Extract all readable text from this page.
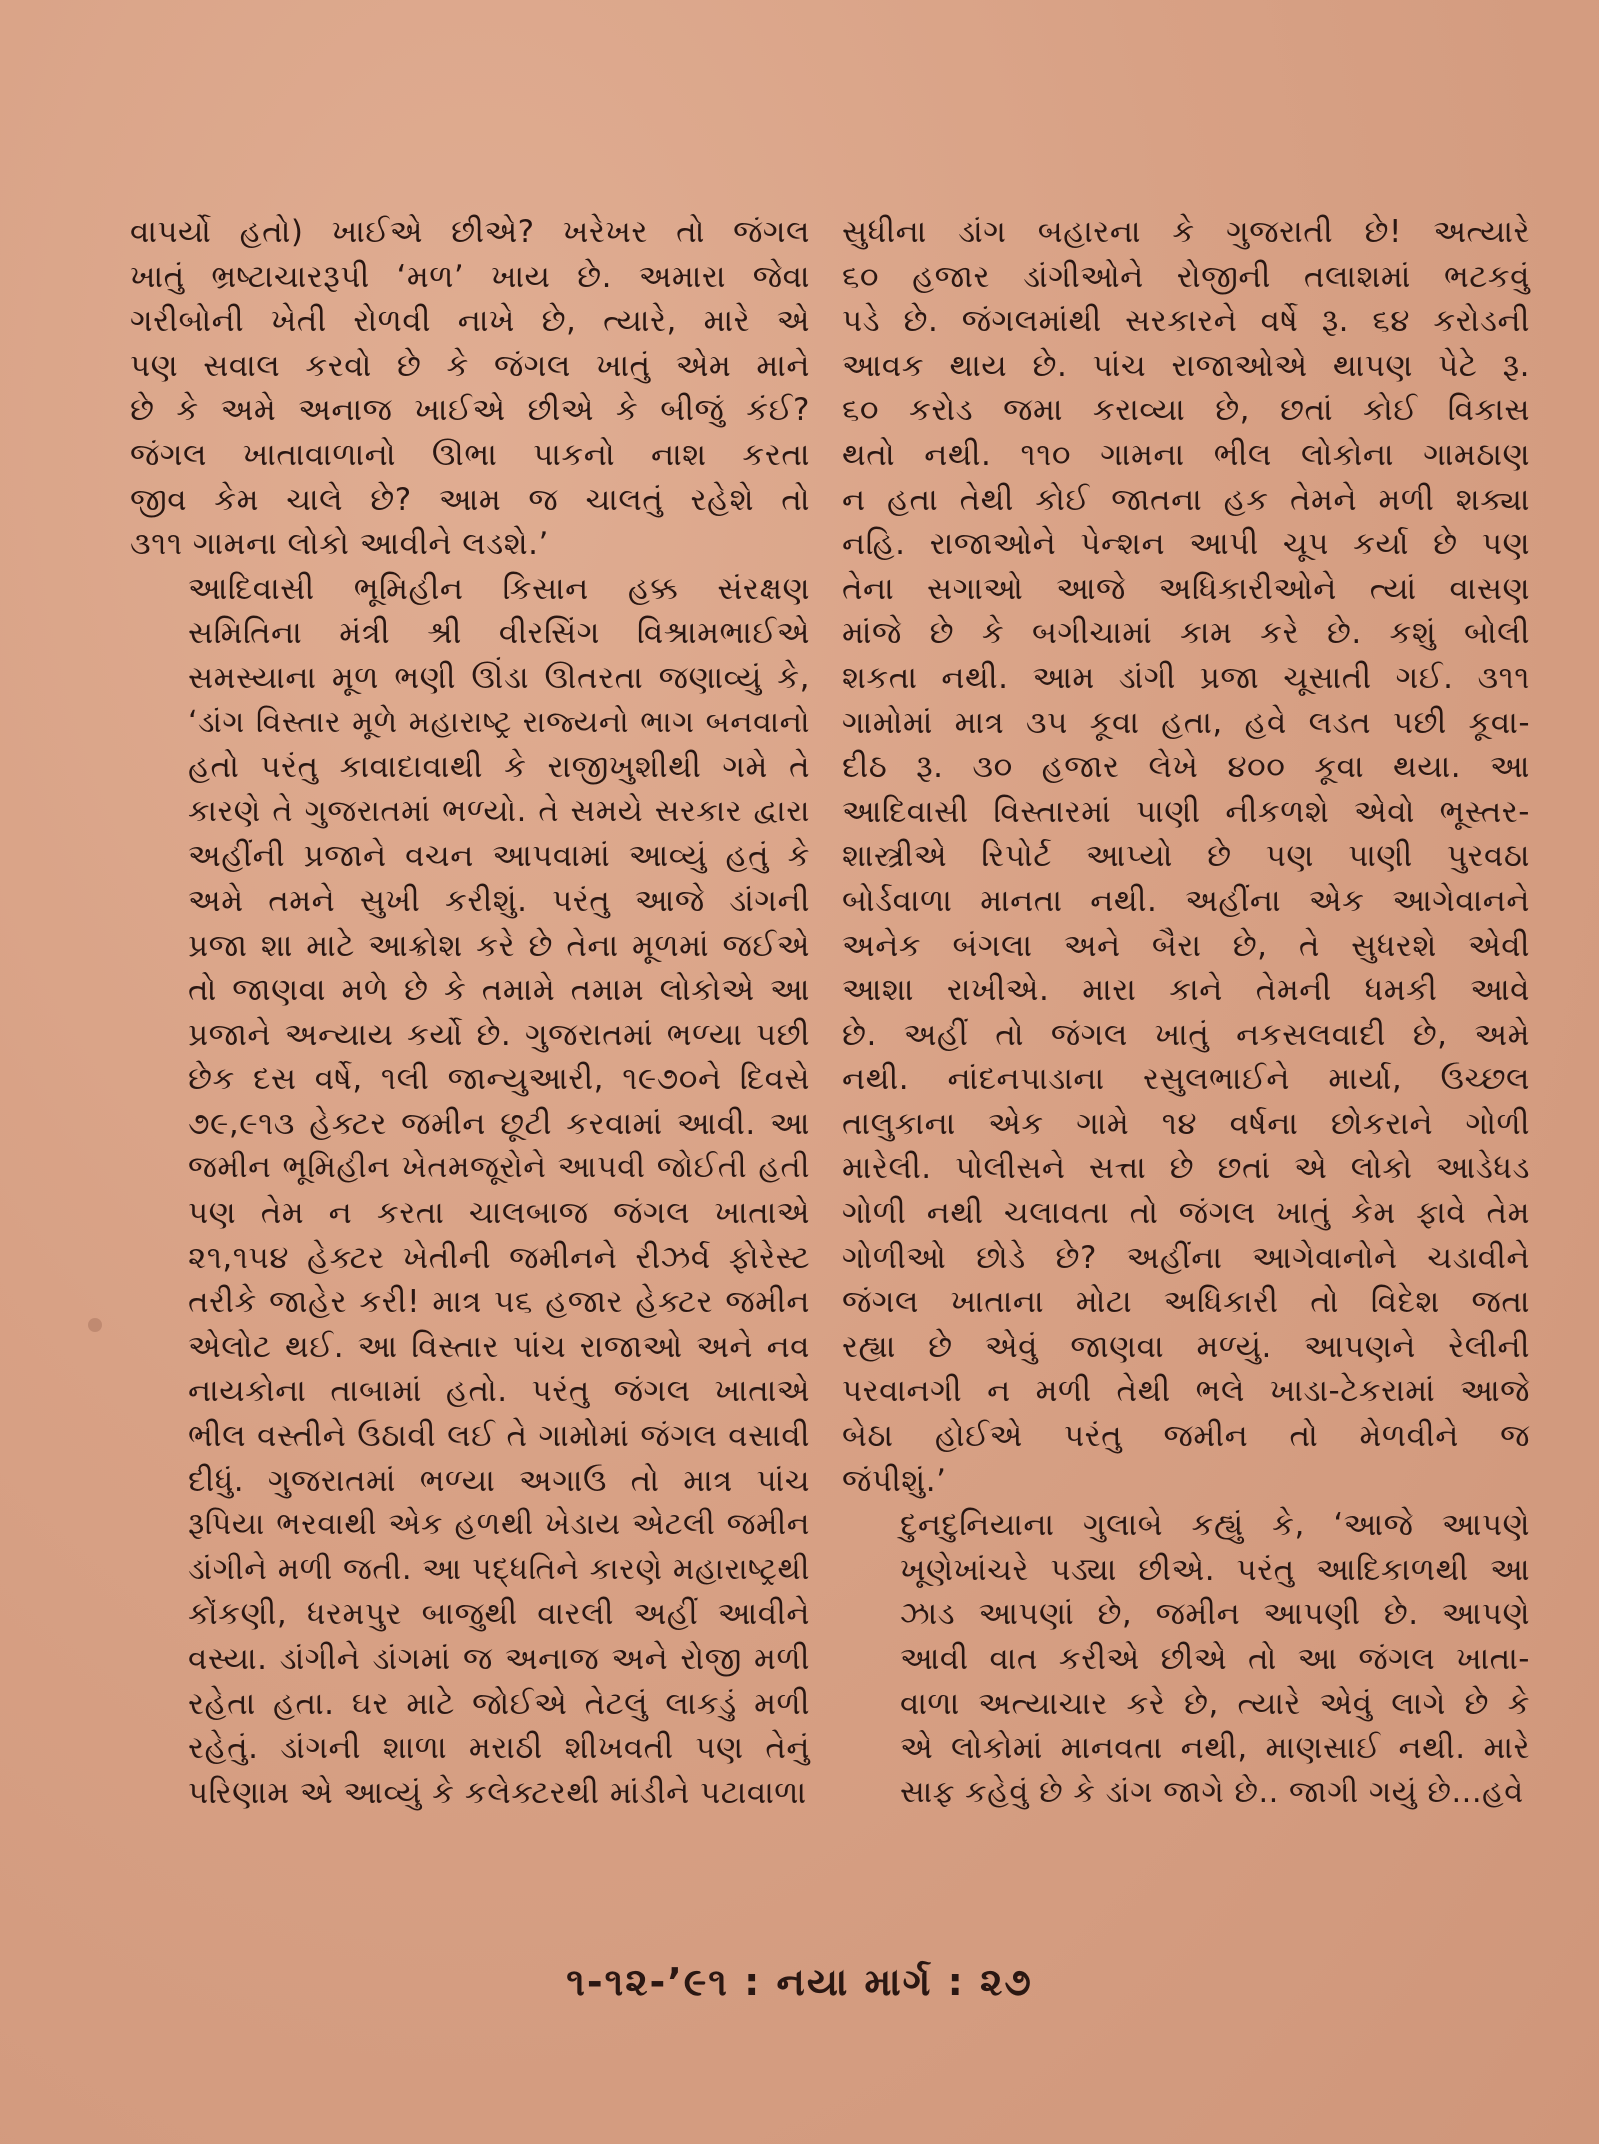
વાપર્યો હતો) ખાઈએ છીએ? ખરેખર તો જંગલ
ખાતું ભ્રષ્ટાચારરૂપી ‘મળ’ ખાય છે. અમારા જેવા
ગરીબોની ખેતી રોળવી નાખે છે, ત્યારે, મારે એ
પણ સવાલ કરવો છે કે જંગલ ખાતું એમ માને
છે કે અમે અનાજ ખાઈએ છીએ કે બીજું કંઈ?
જંગલ ખાતાવાળાનો ઊભા પાકનો નાશ કરતા
જીવ કેમ ચાલે છે? આમ જ ચાલતું રહેશે તો
૩૧૧ ગામના લોકો આવીને લડશે.’

આદિવાસી ભૂમિહીન કિસાન હક્ક સંરક્ષણ
સમિતિના મંત્રી શ્રી વીરસિંગ વિશ્રામભાઈએ
સમસ્યાના મૂળ ભણી ઊંડા ઊતરતા જણાવ્યું કે,
‘ડાંગ વિસ્તાર મૂળે મહારાષ્ટ્ર રાજ્યનો ભાગ બનવાનો
હતો પરંતુ કાવાદાવાથી કે રાજીખુશીથી ગમે તે
કારણે તે ગુજરાતમાં ભળ્યો. તે સમયે સરકાર દ્વારા
અહીંની પ્રજાને વચન આપવામાં આવ્યું હતું કે
અમે તમને સુખી કરીશું. પરંતુ આજે ડાંગની
પ્રજા શા માટે આક્રોશ કરે છે તેના મૂળમાં જઈએ
તો જાણવા મળે છે કે તમામે તમામ લોકોએ આ
પ્રજાને અન્યાય કર્યો છે. ગુજરાતમાં ભળ્યા પછી
છેક દસ વર્ષે, ૧લી જાન્યુઆરી, ૧૯૭૦ને દિવસે
૭૯,૯૧૩ હેક્ટર જમીન છૂટી કરવામાં આવી. આ
જમીન ભૂમિહીન ખેતમજૂરોને આપવી જોઈતી હતી
પણ તેમ ન કરતા ચાલબાજ જંગલ ખાતાએ
૨૧,૧૫૪ હેક્ટર ખેતીની જમીનને રીઝર્વ ફોરેસ્ટ
તરીકે જાહેર કરી! માત્ર ૫૬ હજાર હેક્ટર જમીન
એલોટ થઈ. આ વિસ્તાર પાંચ રાજાઓ અને નવ
નાયકોના તાબામાં હતો. પરંતુ જંગલ ખાતાએ
ભીલ વસ્તીને ઉઠાવી લઈ તે ગામોમાં જંગલ વસાવી
દીધું. ગુજરાતમાં ભળ્યા અગાઉ તો માત્ર પાંચ
રૂપિયા ભરવાથી એક હળથી ખેડાય એટલી જમીન
ડાંગીને મળી જતી. આ પદ્ધતિને કારણે મહારાષ્ટ્રથી
કોંકણી, ધરમપુર બાજુથી વારલી અહીં આવીને
વસ્યા. ડાંગીને ડાંગમાં જ અનાજ અને રોજી મળી
રહેતા હતા. ઘર માટે જોઈએ તેટલું લાકડું મળી
રહેતું. ડાંગની શાળા મરાઠી શીખવતી પણ તેનું
પરિણામ એ આવ્યું કે કલેક્ટરથી માંડીને પટાવાળા

સુધીના ડાંગ બહારના કે ગુજરાતી છે! અત્યારે
૬૦ હજાર ડાંગીઓને રોજીની તલાશમાં ભટકવું
પડે છે. જંગલમાંથી સરકારને વર્ષે રૂ. ૬૪ કરોડની
આવક થાય છે. પાંચ રાજાઓએ થાપણ પેટે રૂ.
૬૦ કરોડ જમા કરાવ્યા છે, છતાં કોઈ વિકાસ
થતો નથી. ૧૧૦ ગામના ભીલ લોકોના ગામઠાણ
ન હતા તેથી કોઈ જાતના હક તેમને મળી શક્યા
નહિ. રાજાઓને પેન્શન આપી ચૂપ કર્યા છે પણ
તેના સગાઓ આજે અધિકારીઓને ત્યાં વાસણ
માંજે છે કે બગીચામાં કામ કરે છે. કશું બોલી
શકતા નથી. આમ ડાંગી પ્રજા ચૂસાતી ગઈ. ૩૧૧
ગામોમાં માત્ર ૩૫ કૂવા હતા, હવે લડત પછી કૂવા-
દીઠ રૂ. ૩૦ હજાર લેખે ૪૦૦ કૂવા થયા. આ
આદિવાસી વિસ્તારમાં પાણી નીકળશે એવો ભૂસ્તર-
શાસ્ત્રીએ રિપોર્ટ આપ્યો છે પણ પાણી પુરવઠા
બોર્ડવાળા માનતા નથી. અહીંના એક આગેવાનને
અનેક બંગલા અને બૈરા છે, તે સુધરશે એવી
આશા રાખીએ. મારા કાને તેમની ધમકી આવે
છે. અહીં તો જંગલ ખાતું નકસલવાદી છે, અમે
નથી. નાંદનપાડાના રસુલભાઈને માર્યા, ઉચ્છલ
તાલુકાના એક ગામે ૧૪ વર્ષના છોકરાને ગોળી
મારેલી. પોલીસને સત્તા છે છતાં એ લોકો આડેધડ
ગોળી નથી ચલાવતા તો જંગલ ખાતું કેમ ફાવે તેમ
ગોળીઓ છોડે છે? અહીંના આગેવાનોને ચડાવીને
જંગલ ખાતાના મોટા અધિકારી તો વિદેશ જતા
રહ્યા છે એવું જાણવા મળ્યું. આપણને રેલીની
પરવાનગી ન મળી તેથી ભલે ખાડા-ટેકરામાં આજે
બેઠા હોઈએ પરંતુ જમીન તો મેળવીને જ
જંપીશું.’

દુનદુનિયાના ગુલાબે કહ્યું કે, ‘આજે આપણે
ખૂણેખાંચરે પડ્યા છીએ. પરંતુ આદિકાળથી આ
ઝાડ આપણાં છે, જમીન આપણી છે. આપણે
આવી વાત કરીએ છીએ તો આ જંગલ ખાતા-
વાળા અત્યાચાર કરે છે, ત્યારે એવું લાગે છે કે
એ લોકોમાં માનવતા નથી, માણસાઈ નથી. મારે
સાફ કહેવું છે કે ડાંગ જાગે છે.. જાગી ગયું છે...હવે

૧-૧૨-’૯૧ : નયા માર્ગ : ૨૭
